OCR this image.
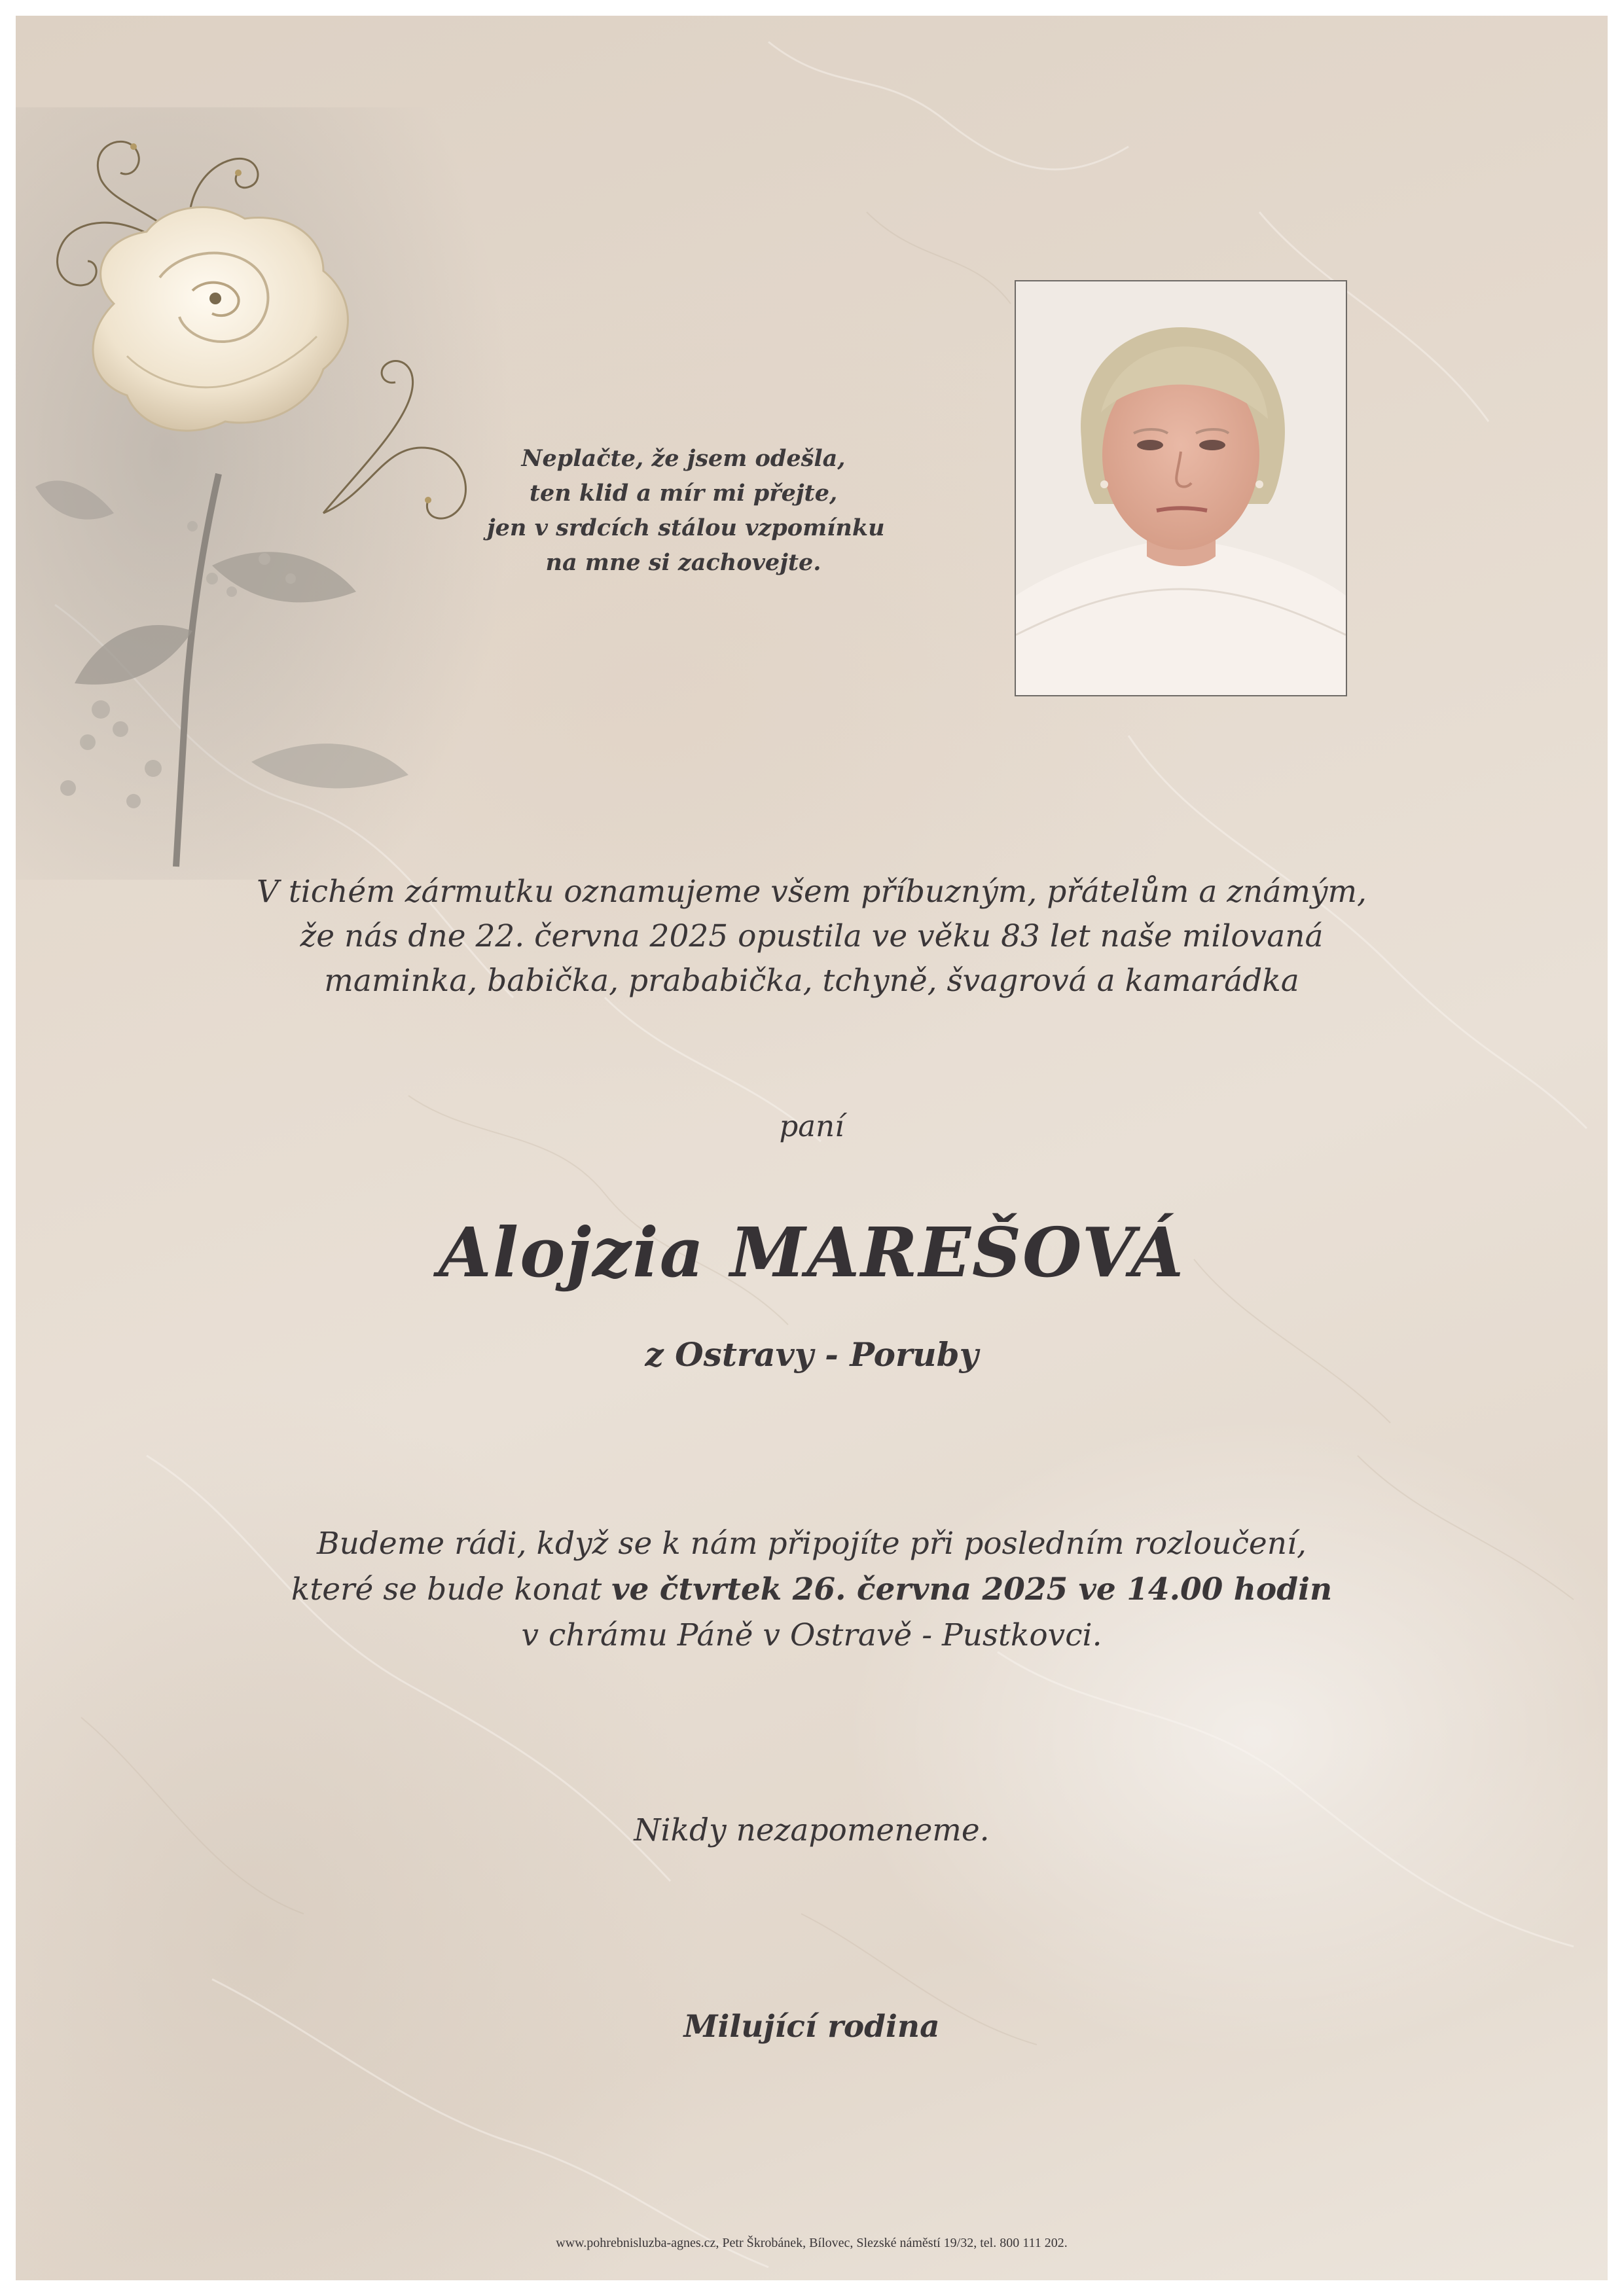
Neplačte, že jsem odešla,
ten klid a mír mi přejte,
jen v srdcích stálou vzpomínku
na mne si zachovejte.
V tichém zármutku oznamujeme všem příbuzným, přátelům a známým,
že nás dne 22. června 2025 opustila ve věku 83 let naše milovaná
maminka, babička, prababička, tchyně, švagrová a kamarádka
paní
Alojzia MAREŠOVÁ
z Ostravy - Poruby
Budeme rádi, když se k nám připojíte při posledním rozloučení,
které se bude konat ve čtvrtek 26. června 2025 ve 14.00 hodin
v chrámu Páně v Ostravě - Pustkovci.
Nikdy nezapomeneme.
Milující rodina
www.pohrebnisluzba-agnes.cz, Petr Škrobánek, Bílovec, Slezské náměstí 19/32, tel. 800 111 202.
